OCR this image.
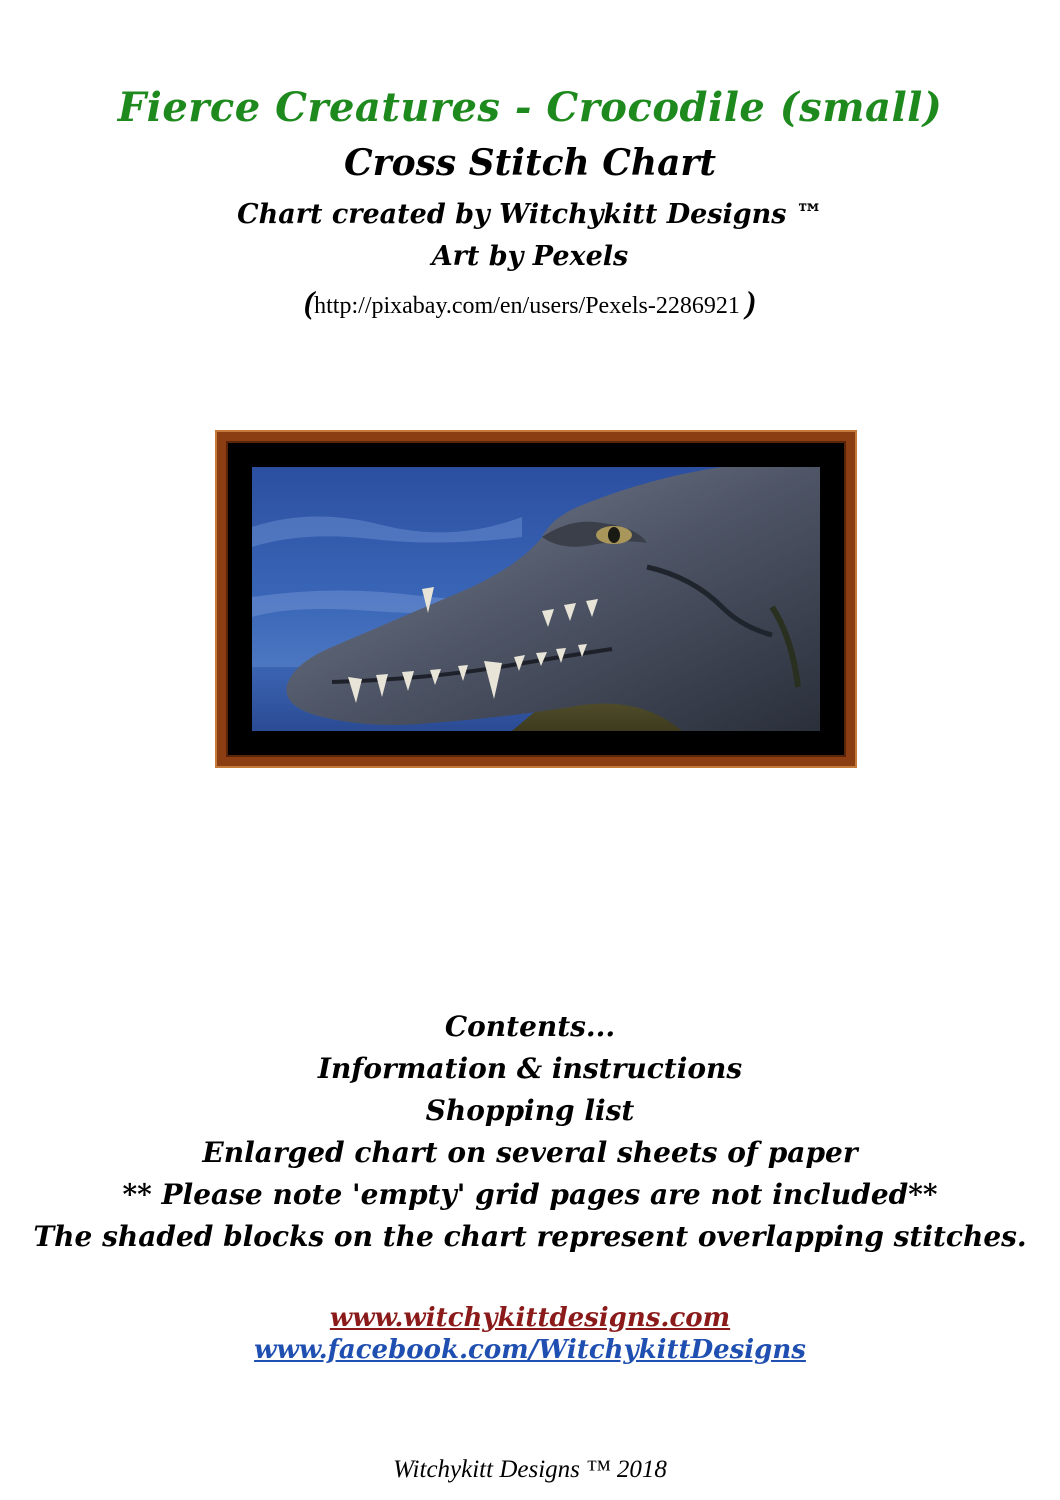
Fierce Creatures - Crocodile (small)
Cross Stitch Chart
Chart created by Witchykitt Designs ™
Art by Pexels
(http://pixabay.com/en/users/Pexels-2286921 )
Contents...
Information & instructions
Shopping list
Enlarged chart on several sheets of paper
** Please note 'empty' grid pages are not included**
The shaded blocks on the chart represent overlapping stitches.
www.witchykittdesigns.com
www.facebook.com/WitchykittDesigns
Witchykitt Designs ™ 2018
